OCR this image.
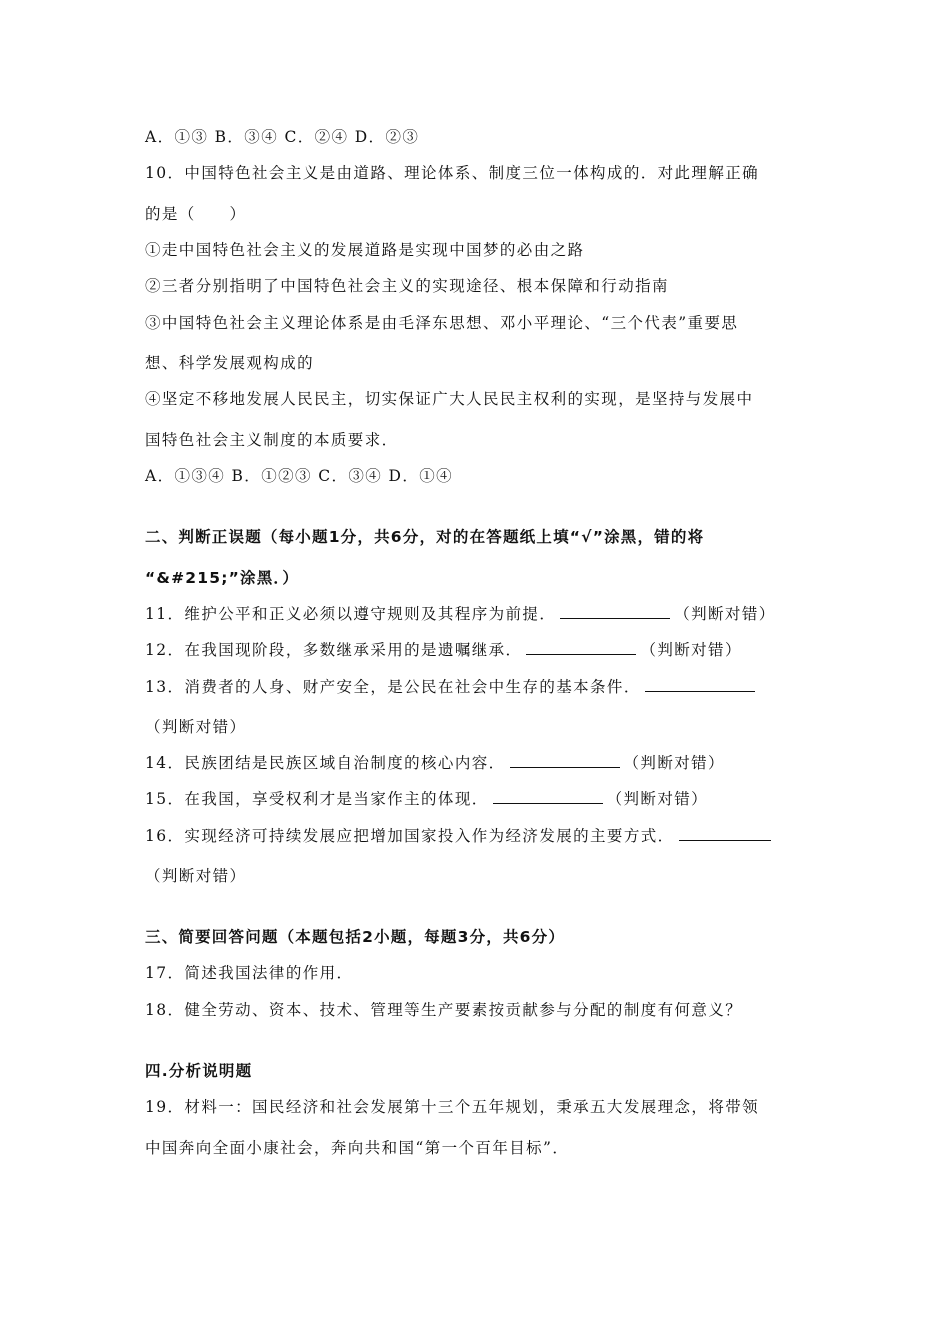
A．①③ B．③④ C．②④ D．②③
10．中国特色社会主义是由道路、理论体系、制度三位一体构成的．对此理解正确
的是（　　）
①走中国特色社会主义的发展道路是实现中国梦的必由之路
②三者分别指明了中国特色社会主义的实现途径、根本保障和行动指南
③中国特色社会主义理论体系是由毛泽东思想、邓小平理论、“三个代表”重要思
想、科学发展观构成的
④坚定不移地发展人民民主，切实保证广大人民民主权利的实现，是坚持与发展中
国特色社会主义制度的本质要求．
A．①③④ B．①②③ C．③④ D．①④
二、判断正误题（每小题1分，共6分，对的在答题纸上填“√”涂黑，错的将
“&#215;”涂黑．）
11．维护公平和正义必须以遵守规则及其程序为前提．	（判断对错）
12．在我国现阶段，多数继承采用的是遗嘱继承．	（判断对错）
13．消费者的人身、财产安全，是公民在社会中生存的基本条件．
（判断对错）
14．民族团结是民族区域自治制度的核心内容．	（判断对错）
15．在我国，享受权利才是当家作主的体现．	（判断对错）
16．实现经济可持续发展应把增加国家投入作为经济发展的主要方式．
（判断对错）
三、简要回答问题（本题包括2小题，每题3分，共6分）
17．简述我国法律的作用．
18．健全劳动、资本、技术、管理等生产要素按贡献参与分配的制度有何意义？
四.分析说明题
19．材料一：国民经济和社会发展第十三个五年规划，秉承五大发展理念，将带领
中国奔向全面小康社会，奔向共和国“第一个百年目标”．
